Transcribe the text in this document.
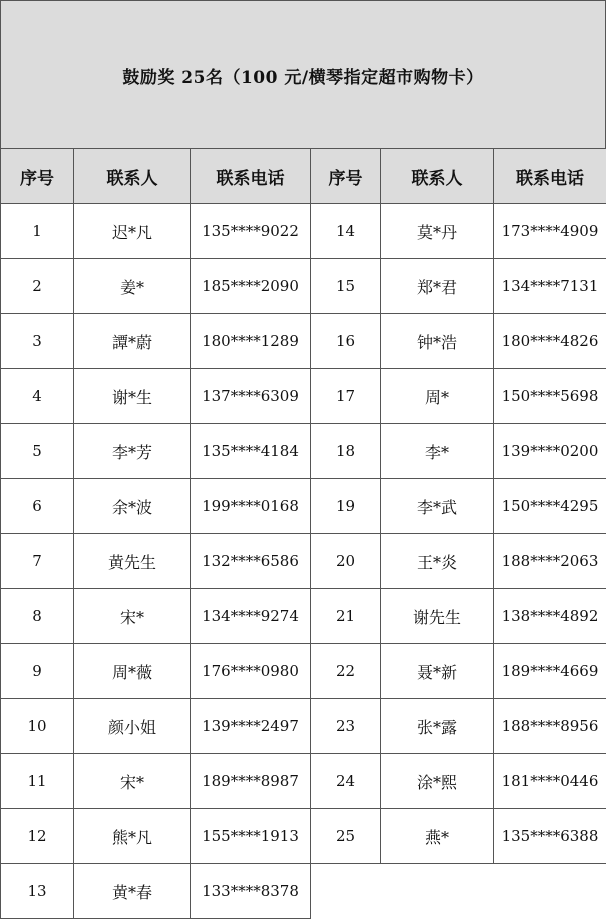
鼓励奖 25名（100 元/横琴指定超市购物卡）
序号	联系人	联系电话	序号	联系人	联系电话
1	迟*凡	135****9022	14	莫*丹	173****4909
2	姜*	185****2090	15	郑*君	134****7131
3	譚*蔚	180****1289	16	钟*浩	180****4826
4	谢*生	137****6309	17	周*	150****5698
5	李*芳	135****4184	18	李*	139****0200
6	余*波	199****0168	19	李*武	150****4295
7	黄先生	132****6586	20	王*炎	188****2063
8	宋*	134****9274	21	谢先生	138****4892
9	周*薇	176****0980	22	聂*新	189****4669
10	颜小姐	139****2497	23	张*露	188****8956
11	宋*	189****8987	24	涂*熙	181****0446
12	熊*凡	155****1913	25	燕*	135****6388
13	黄*春	133****8378			
